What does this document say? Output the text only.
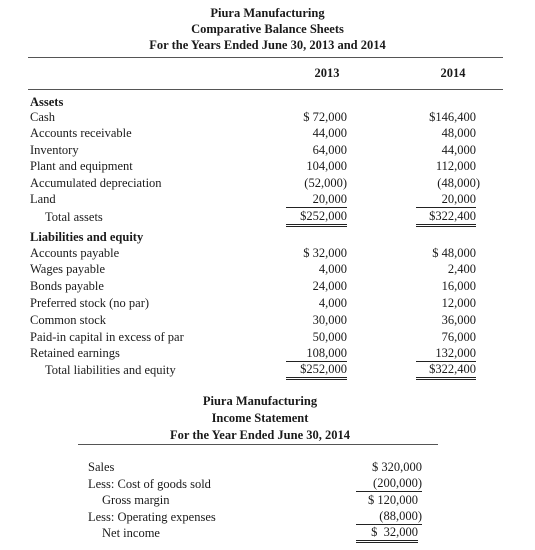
Piura Manufacturing
Comparative Balance Sheets
For the Years Ended June 30, 2013 and 2014
2013	2014
Assets
Cash	$ 72,000	$146,400
Accounts receivable	44,000	48,000
Inventory	64,000	44,000
Plant and equipment	104,000	112,000
Accumulated depreciation	(52,000)	(48,000)
Land	20,000	20,000
Total assets	$252,000	$322,400
Liabilities and equity
Accounts payable	$ 32,000	$ 48,000
Wages payable	4,000	2,400
Bonds payable	24,000	16,000
Preferred stock (no par)	4,000	12,000
Common stock	30,000	36,000
Paid-in capital in excess of par	50,000	76,000
Retained earnings	108,000	132,000
Total liabilities and equity	$252,000	$322,400
Piura Manufacturing
Income Statement
For the Year Ended June 30, 2014
Sales	$ 320,000
Less: Cost of goods sold	(200,000)
Gross margin	$ 120,000
Less: Operating expenses	(88,000)
Net income	$  32,000
